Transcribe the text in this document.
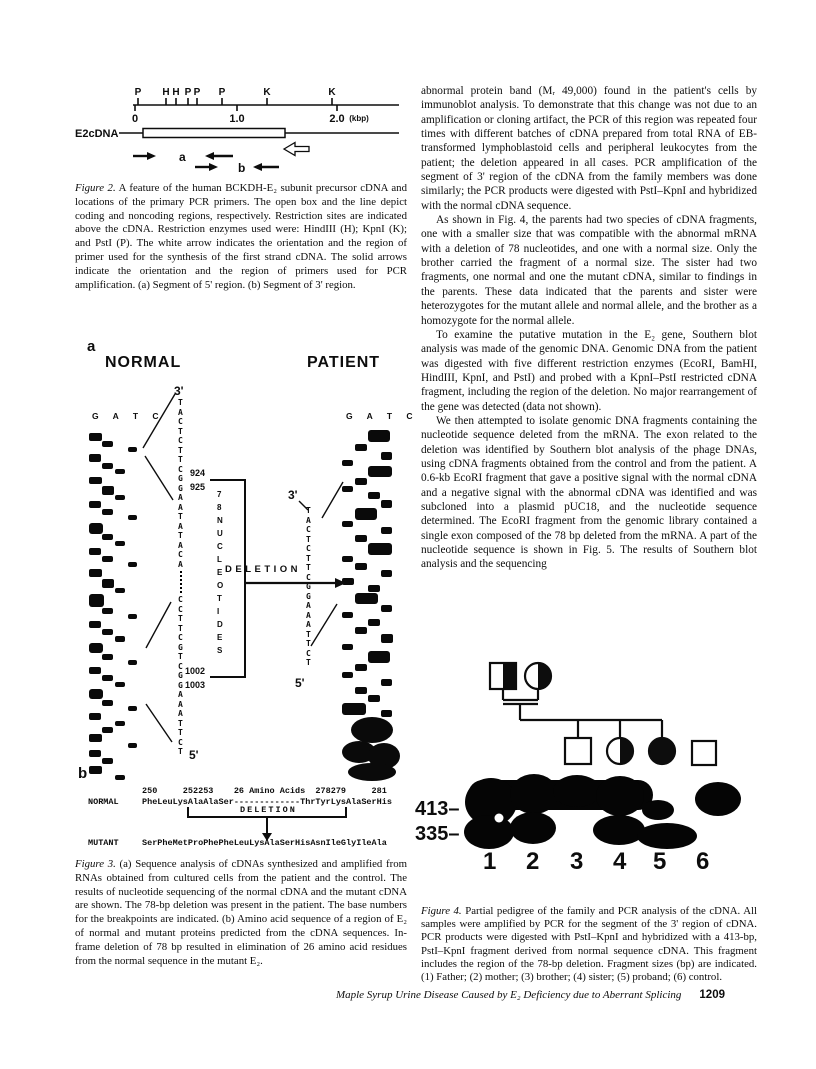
P H H P P P	K	K
0	1.0	2.0 (kbp)
E2cDNA
a
b
Figure 2. A feature of the human BCKDH-E₂ subunit precursor cDNA and locations of the primary PCR primers. The open box and the line depict coding and noncoding regions, respectively. Restriction sites are indicated above the cDNA. Restriction enzymes used were: HindIII (H); KpnI (K); and PstI (P). The white arrow indicates the orientation and the region of primer used for the synthesis of the first strand cDNA. The solid arrows indicate the orientation and the region of primers used for PCR amplification. (a) Segment of 5' region. (b) Segment of 3' region.
a
NORMAL	PATIENT
G A T C	G A T C
3'
TACTCTTCG
GAATATACA
CCTTCGTCG
GAAATTCT
924
925
1002
1003
5'
78 NUCLEOTIDES
DELETION
3'
TACTCTTCGGAAATTCT
5'
b
250     252253    26 Amino Acids  278279     281
NORMAL	PheLeuLysAlaAlaSer-------------ThrTyrLysAlaSerHis
DELETION
MUTANT	SerPheMetProPhePheLeuLysAlaSerHisAsnIleGlyIleAla
Figure 3. (a) Sequence analysis of cDNAs synthesized and amplified from RNAs obtained from cultured cells from the patient and the control. The results of nucleotide sequencing of the normal cDNA and the mutant cDNA are shown. The 78-bp deletion was present in the patient. The base numbers for the breakpoints are indicated. (b) Amino acid sequence of a region of E₂ of normal and mutant proteins predicted from the cDNA sequences. In-frame deletion of 78 bp resulted in elimination of 26 amino acid residues from the normal sequence in the mutant E₂.

abnormal protein band (Mᵣ 49,000) found in the patient's cells by immunoblot analysis. To demonstrate that this change was not due to an amplification or cloning artifact, the PCR of this region was repeated four times with different batches of cDNA prepared from total RNA of EB-transformed lymphoblastoid cells and peripheral leukocytes from the patient; the deletion appeared in all cases. PCR amplification of the segment of 3' region of the cDNA from the family members was done similarly; the PCR products were digested with PstI–KpnI and hybridized with the normal cDNA sequence.

As shown in Fig. 4, the parents had two species of cDNA fragments, one with a smaller size that was compatible with the abnormal mRNA with a deletion of 78 nucleotides, and one with a normal size. Only the brother carried the fragment of a normal size. The sister had two fragments, one normal and one the mutant cDNA, similar to findings in the parents. These data indicated that the parents and sister were heterozygotes for the mutant allele and normal allele, and the brother as a homozygote for the normal allele.

To examine the putative mutation in the E₂ gene, Southern blot analysis was made of the genomic DNA. Genomic DNA from the patient was digested with five different restriction enzymes (EcoRI, BamHI, HindIII, KpnI, and PstI) and probed with a KpnI–PstI restricted cDNA fragment, including the region of the deletion. No major rearrangement of the gene was detected (data not shown).

We then attempted to isolate genomic DNA fragments containing the nucleotide sequence deleted from the mRNA. The exon related to the deletion was identified by Southern blot analysis of the phage DNAs, using cDNA fragments obtained from the control and from the patient. A 0.6-kb EcoRI fragment that gave a positive signal with the normal cDNA and a negative signal with the abnormal cDNA was identified and was subcloned into a plasmid pUC18, and the nucleotide sequence determined. The EcoRI fragment from the genomic library contained a single exon composed of the 78 bp deleted from the mRNA. A part of the nucleotide sequence is shown in Fig. 5. The results of Southern blot analysis and the sequencing

413–
335–
1 2 3 4 5 6
Figure 4. Partial pedigree of the family and PCR analysis of the cDNA. All samples were amplified by PCR for the segment of the 3' region of cDNA. PCR products were digested with PstI–KpnI and hybridized with a 413-bp, PstI–KpnI fragment derived from normal sequence cDNA. This fragment includes the region of the 78-bp deletion. Fragment sizes (bp) are indicated. (1) Father; (2) mother; (3) brother; (4) sister; (5) proband; (6) control.
Maple Syrup Urine Disease Caused by E₂ Deficiency due to Aberrant Splicing 1209
